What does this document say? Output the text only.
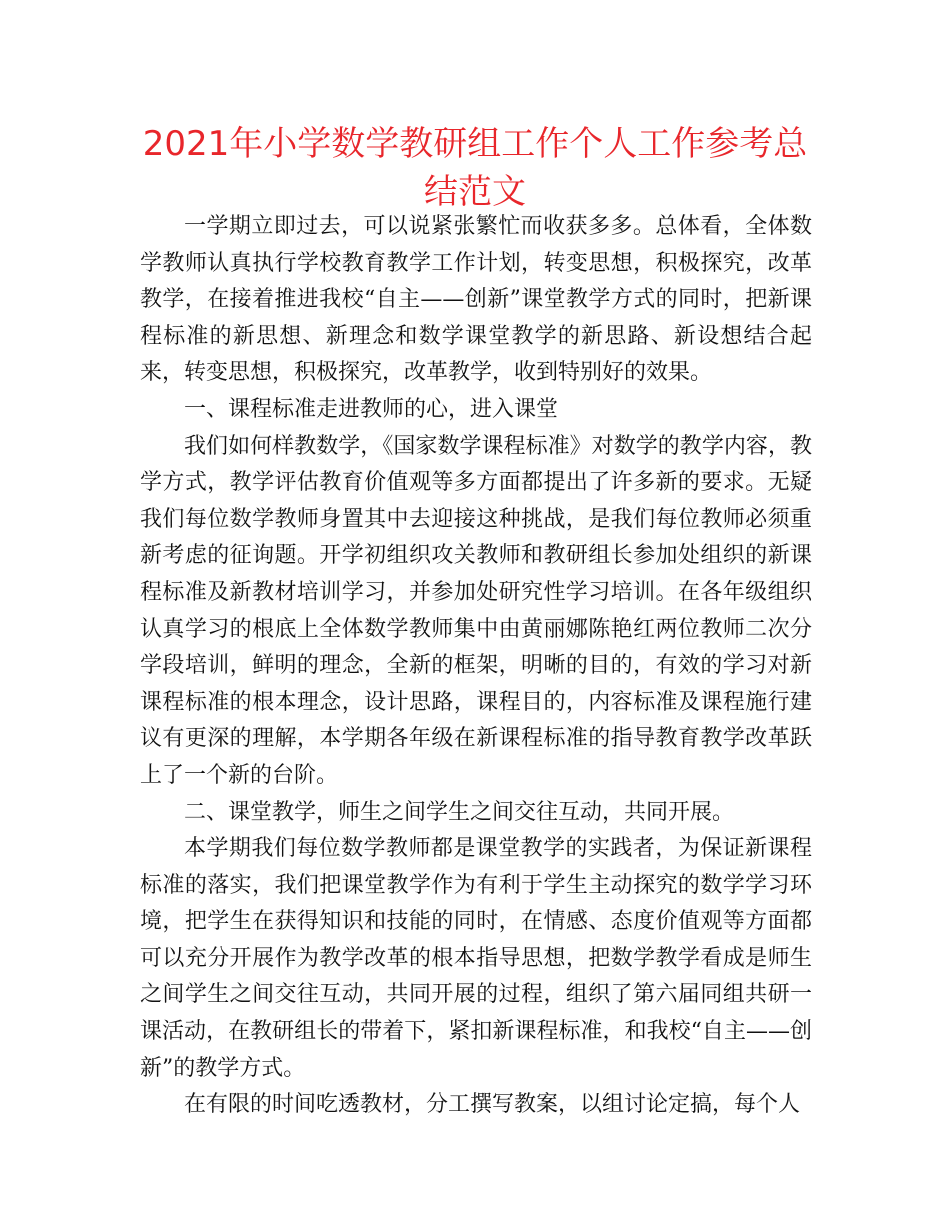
2021年小学数学教研组工作个人工作参考总结范文

一学期立即过去，可以说紧张繁忙而收获多多。总体看，全体数学教师认真执行学校教育教学工作计划，转变思想，积极探究，改革教学，在接着推进我校“自主——创新”课堂教学方式的同时，把新课程标准的新思想、新理念和数学课堂教学的新思路、新设想结合起来，转变思想，积极探究，改革教学，收到特别好的效果。

一、课程标准走进教师的心，进入课堂

我们如何样教数学，《国家数学课程标准》对数学的教学内容，教学方式，教学评估教育价值观等多方面都提出了许多新的要求。无疑我们每位数学教师身置其中去迎接这种挑战，是我们每位教师必须重新考虑的征询题。开学初组织攻关教师和教研组长参加处组织的新课程标准及新教材培训学习，并参加处研究性学习培训。在各年级组织认真学习的根底上全体数学教师集中由黄丽娜陈艳红两位教师二次分学段培训，鲜明的理念，全新的框架，明晰的目的，有效的学习对新课程标准的根本理念，设计思路，课程目的，内容标准及课程施行建议有更深的理解，本学期各年级在新课程标准的指导教育教学改革跃上了一个新的台阶。

二、课堂教学，师生之间学生之间交往互动，共同开展。

本学期我们每位数学教师都是课堂教学的实践者，为保证新课程标准的落实，我们把课堂教学作为有利于学生主动探究的数学学习环境，把学生在获得知识和技能的同时，在情感、态度价值观等方面都可以充分开展作为教学改革的根本指导思想，把数学教学看成是师生之间学生之间交往互动，共同开展的过程，组织了第六届同组共研一课活动，在教研组长的带着下，紧扣新课程标准，和我校“自主——创新”的教学方式。

在有限的时间吃透教材，分工撰写教案，以组讨论定搞，每个人
